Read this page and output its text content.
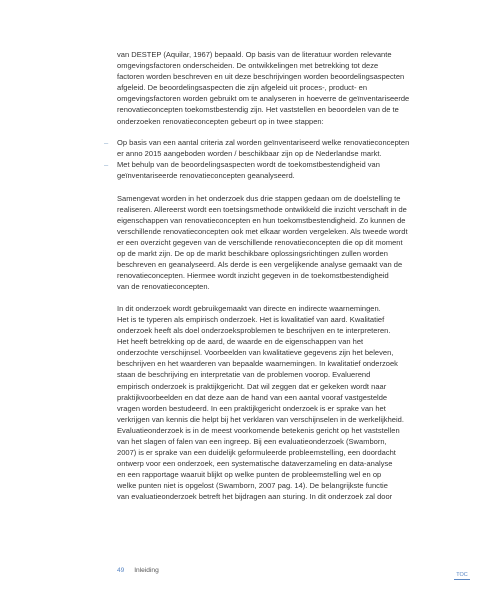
van DESTEP (Aquilar, 1967) bepaald. Op basis van de literatuur worden relevante
omgevingsfactoren onderscheiden. De ontwikkelingen met betrekking tot deze
factoren worden beschreven en uit deze beschrijvingen worden beoordelingsaspecten
afgeleid. De beoordelingsaspecten die zijn afgeleid uit proces-, product- en
omgevingsfactoren worden gebruikt om te analyseren in hoeverre de geïnventariseerde
renovatieconcepten toekomstbestendig zijn. Het vaststellen en beoordelen van de te
onderzoeken renovatieconcepten gebeurt op in twee stappen:
– Op basis van een aantal criteria zal worden geïnventariseerd welke renovatieconcepten
er anno 2015 aangeboden worden / beschikbaar zijn op de Nederlandse markt.
– Met behulp van de beoordelingsaspecten wordt de toekomstbestendigheid van
geïnventariseerde renovatieconcepten geanalyseerd.
Samengevat worden in het onderzoek dus drie stappen gedaan om de doelstelling te
realiseren. Allereerst wordt een toetsingsmethode ontwikkeld die inzicht verschaft in de
eigenschappen van renovatieconcepten en hun toekomstbestendigheid. Zo kunnen de
verschillende renovatieconcepten ook met elkaar worden vergeleken. Als tweede wordt
er een overzicht gegeven van de verschillende renovatieconcepten die op dit moment
op de markt zijn. De op de markt beschikbare oplossingsrichtingen zullen worden
beschreven en geanalyseerd. Als derde is een vergelijkende analyse gemaakt van de
renovatieconcepten. Hiermee wordt inzicht gegeven in de toekomstbestendigheid
van de renovatieconcepten.
In dit onderzoek wordt gebruikgemaakt van directe en indirecte waarnemingen.
Het is te typeren als empirisch onderzoek. Het is kwalitatief van aard. Kwalitatief
onderzoek heeft als doel onderzoeksproblemen te beschrijven en te interpreteren.
Het heeft betrekking op de aard, de waarde en de eigenschappen van het
onderzochte verschijnsel. Voorbeelden van kwalitatieve gegevens zijn het beleven,
beschrijven en het waarderen van bepaalde waarnemingen. In kwalitatief onderzoek
staan de beschrijving en interpretatie van de problemen voorop. Evaluerend
empirisch onderzoek is praktijkgericht. Dat wil zeggen dat er gekeken wordt naar
praktijkvoorbeelden en dat deze aan de hand van een aantal vooraf vastgestelde
vragen worden bestudeerd. In een praktijkgericht onderzoek is er sprake van het
verkrijgen van kennis die helpt bij het verklaren van verschijnselen in de werkelijkheid.
Evaluatieonderzoek is in de meest voorkomende betekenis gericht op het vaststellen
van het slagen of falen van een ingreep. Bij een evaluatieonderzoek (Swamborn,
2007) is er sprake van een duidelijk geformuleerde probleemstelling, een doordacht
ontwerp voor een onderzoek, een systematische dataverzameling en data-analyse
en een rapportage waaruit blijkt op welke punten de probleemstelling wel en op
welke punten niet is opgelost (Swamborn, 2007 pag. 14). De belangrijkste functie
van evaluatieonderzoek betreft het bijdragen aan sturing. In dit onderzoek zal door
49 Inleiding
TOC
